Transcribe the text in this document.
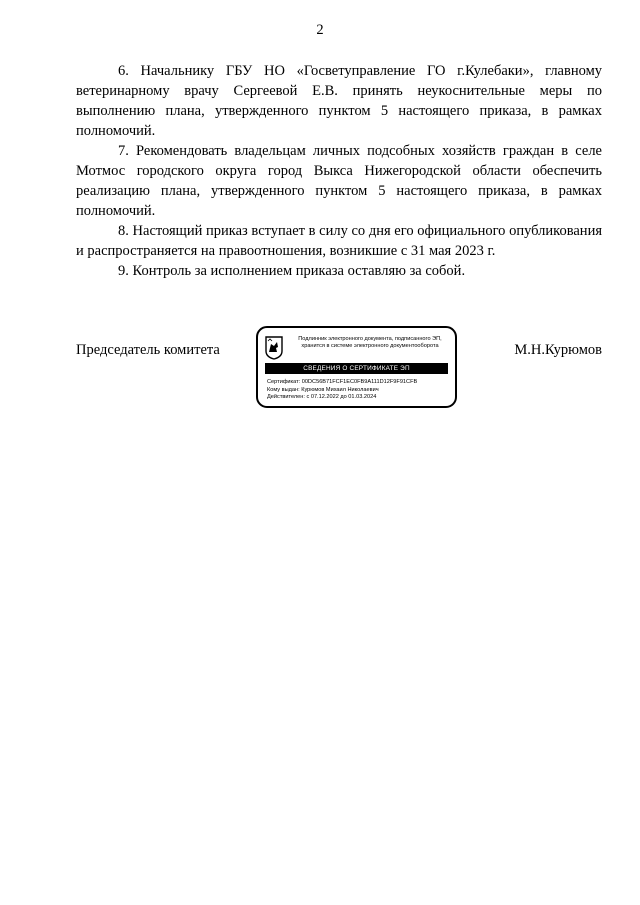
2

6. Начальнику ГБУ НО «Госветуправление ГО г.Кулебаки», главному ветеринарному врачу Сергеевой Е.В. принять неукоснительные меры по выполнению плана, утвержденного пунктом 5 настоящего приказа, в рамках полномочий.

7. Рекомендовать владельцам личных подсобных хозяйств граждан в селе Мотмос городского округа город Выкса Нижегородской области обеспечить реализацию плана, утвержденного пунктом 5 настоящего приказа, в рамках полномочий.

8. Настоящий приказ вступает в силу со дня его официального опубликования и распространяется на правоотношения, возникшие с 31 мая 2023 г.

9. Контроль за исполнением приказа оставляю за собой.

Председатель комитета
Подлинник электронного документа, подписанного ЭП,
хранится в системе электронного документооборота
СВЕДЕНИЯ О СЕРТИФИКАТЕ ЭП
Сертификат: 00DC56B71FCF1EC0FB9A111D12F9F91CFB
Кому выдан: Курюмов Михаил Николаевич
Действителен: с 07.12.2022 до 01.03.2024
М.Н.Курюмов
